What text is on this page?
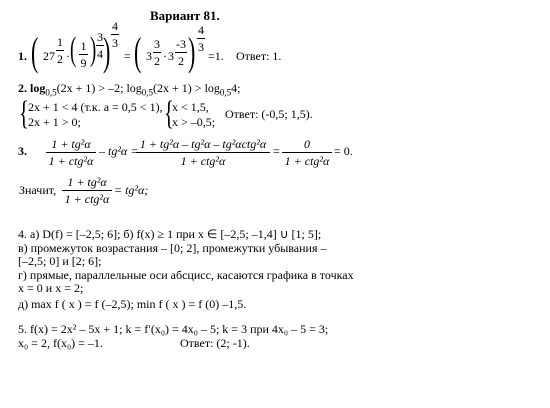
Вариант 81.
1. ( 27
1
2 · ( 1
9 ) 3
4 )
4
3
= ( 3
3
2 · 3
-3
2 ) 4
3
=1. Ответ: 1.
2. $\log_{0,5}(2x + 1) > -2$; $\log_{0,5}(2x + 1) > \log_{0,5}4$;
{ 2x + 1 < 4 (т.к. a = 0,5 < 1),
2x + 1 > 0; {
x < 1,5,
x > –0,5;
Ответ: (-0,5; 1,5).
3.	1 + tg²α
1 + ctg²α
– tg²α = 1 + tg²α – tg²α – tg²αctg²α
1 + ctg²α
=	0
1 + ctg²α
= 0.
Значит,
1 + tg²α
1 + ctg²α
= tg²α;
4. а) D(f) = [–2,5; 6]; б) f(x) ≥ 1 при x ∈ [–2,5; –1,4] ∪ [1; 5];
в) промежуток возрастания – [0; 2], промежутки убывания –
[–2,5; 0] и [2; 6];
г) прямые, параллельные оси абсцисс, касаются графика в точках
x = 0 и x = 2;
д) max f ( x ) = f (–2,5); min f ( x ) = f (0) –1,5.
5. f(x) = 2x² – 5x + 1; k = f′(x₀) = 4x₀ – 5; k = 3 при 4x₀ – 5 = 3;
x₀ = 2, f(x₀) = –1.	Ответ: (2; -1).
